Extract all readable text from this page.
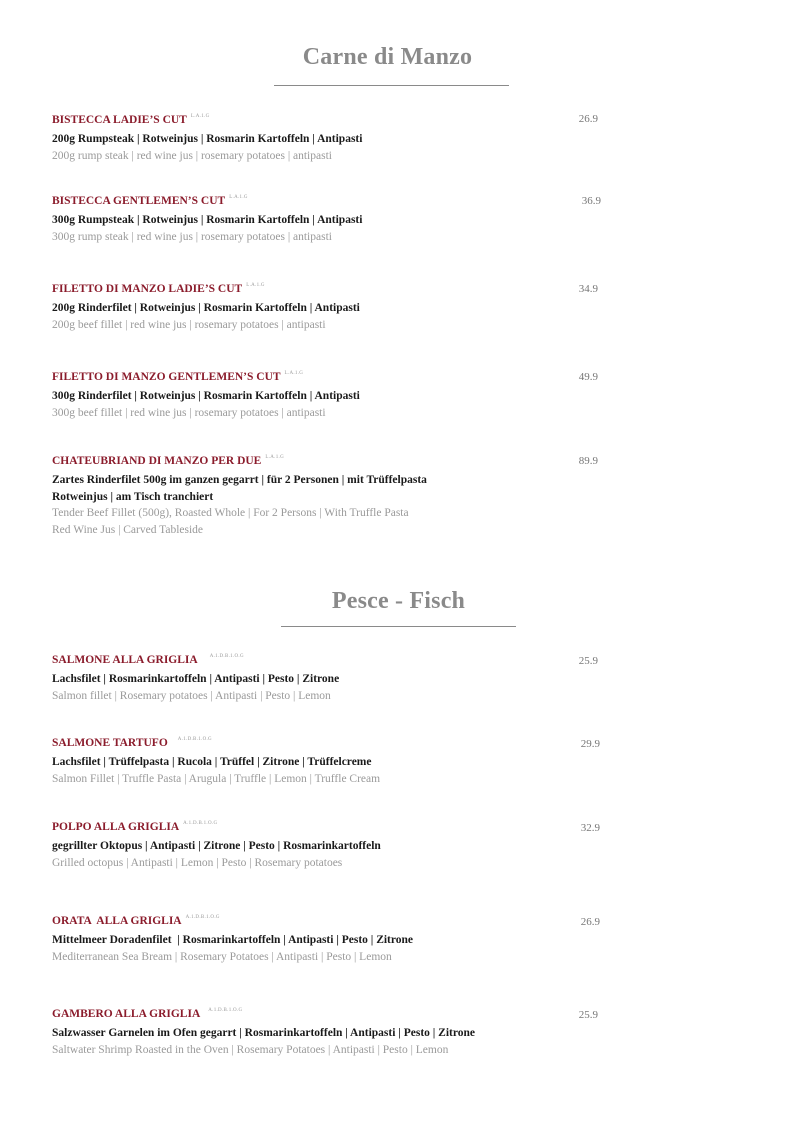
Carne di Manzo
BISTECCA LADIE’S CUT $^{L.A.1.G}$
200g Rumpsteak | Rotweinjus | Rosmarin Kartoffeln | Antipasti
200g rump steak | red wine jus | rosemary potatoes | antipasti
26.9
BISTECCA GENTLEMEN’S CUT $^{L.A.1.G}$
300g Rumpsteak | Rotweinjus | Rosmarin Kartoffeln | Antipasti
300g rump steak | red wine jus | rosemary potatoes | antipasti
36.9
FILETTO DI MANZO LADIE’S CUT $^{L.A.1.G}$
200g Rinderfilet | Rotweinjus | Rosmarin Kartoffeln | Antipasti
200g beef fillet | red wine jus | rosemary potatoes | antipasti
34.9
FILETTO DI MANZO GENTLEMEN’S CUT $^{L.A.1.G}$
300g Rinderfilet | Rotweinjus | Rosmarin Kartoffeln | Antipasti
300g beef fillet | red wine jus | rosemary potatoes | antipasti
49.9
CHATEUBRIAND DI MANZO PER DUE $^{L.A.1.G}$
Zartes Rinderfilet 500g im ganzen gegarrt | für 2 Personen | mit Trüffelpasta
Rotweinjus | am Tisch tranchiert
Tender Beef Fillet (500g), Roasted Whole | For 2 Persons | With Truffle Pasta
Red Wine Jus | Carved Tableside
89.9
Pesce - Fisch
SALMONE ALLA GRIGLIA $^{A.1.D.B.1.O.G}$
Lachsfilet | Rosmarinkartoffeln | Antipasti | Pesto | Zitrone
Salmon fillet | Rosemary potatoes | Antipasti | Pesto | Lemon
25.9
SALMONE TARTUFO $^{A.1.D.B.1.O.G}$
Lachsfilet | Trüffelpasta | Rucola | Trüffel | Zitrone | Trüffelcreme
Salmon Fillet | Truffle Pasta | Arugula | Truffle | Lemon | Truffle Cream
29.9
POLPO ALLA GRIGLIA $^{A.1.D.B.1.O.G}$
gegrillter Oktopus | Antipasti | Zitrone | Pesto | Rosmarinkartoffeln
Grilled octopus | Antipasti | Lemon | Pesto | Rosemary potatoes
32.9
ORATA  ALLA GRIGLIA $^{A.1.D.B.1.O.G}$
Mittelmeer Doradenfilet  | Rosmarinkartoffeln | Antipasti | Pesto | Zitrone
Mediterranean Sea Bream | Rosemary Potatoes | Antipasti | Pesto | Lemon
26.9
GAMBERO ALLA GRIGLIA $^{A.1.D.B.1.O.G}$
Salzwasser Garnelen im Ofen gegarrt | Rosmarinkartoffeln | Antipasti | Pesto | Zitrone
Saltwater Shrimp Roasted in the Oven | Rosemary Potatoes | Antipasti | Pesto | Lemon
25.9
